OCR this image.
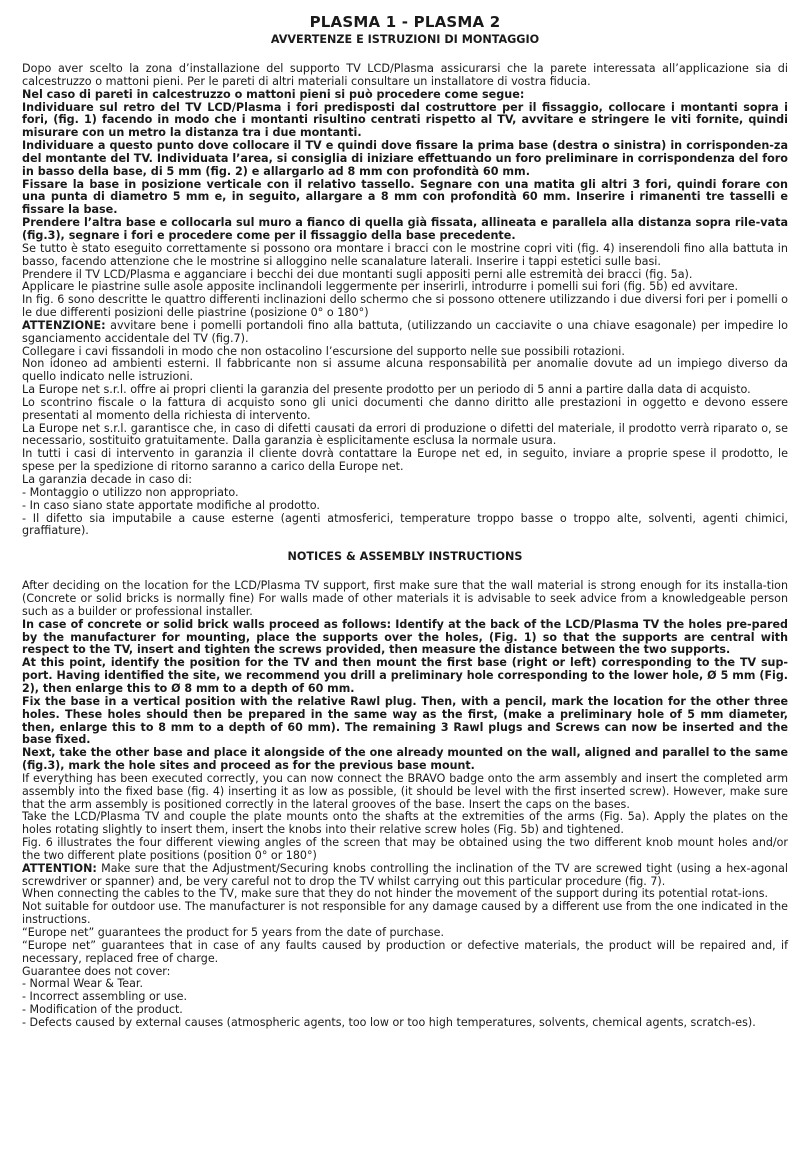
PLASMA 1 - PLASMA 2
AVVERTENZE E ISTRUZIONI DI MONTAGGIO

Dopo aver scelto la zona d’installazione del supporto TV LCD/Plasma assicurarsi che la parete interessata all’applicazione sia di calcestruzzo o mattoni pieni. Per le pareti di altri materiali consultare un installatore di vostra fiducia.

Nel caso di pareti in calcestruzzo o mattoni pieni si può procedere come segue:

Individuare sul retro del TV LCD/Plasma i fori predisposti dal costruttore per il fissaggio, collocare i montanti sopra i fori, (fig. 1) facendo in modo che i montanti risultino centrati rispetto al TV, avvitare e stringere le viti fornite, quindi misurare con un metro la distanza tra i due montanti.

Individuare a questo punto dove collocare il TV e quindi dove fissare la prima base (destra o sinistra) in corrisponden-za del montante del TV. Individuata l’area, si consiglia di iniziare effettuando un foro preliminare in corrispondenza del foro in basso della base, di 5 mm (fig. 2) e allargarlo ad 8 mm con profondità 60 mm.

Fissare la base in posizione verticale con il relativo tassello. Segnare con una matita gli altri 3 fori, quindi forare con una punta di diametro 5 mm e, in seguito, allargare a 8 mm con profondità 60 mm. Inserire i rimanenti tre tasselli e fissare la base.

Prendere l’altra base e collocarla sul muro a fianco di quella già fissata, allineata e parallela alla distanza sopra rile-vata (fig.3), segnare i fori e procedere come per il fissaggio della base precedente.

Se tutto è stato eseguito correttamente si possono ora montare i bracci con le mostrine copri viti (fig. 4) inserendoli fino alla battuta in basso, facendo attenzione che le mostrine si alloggino nelle scanalature laterali. Inserire i tappi estetici sulle basi.

Prendere il TV LCD/Plasma e agganciare i becchi dei due montanti sugli appositi perni alle estremità dei bracci (fig. 5a).

Applicare le piastrine sulle asole apposite inclinandoli leggermente per inserirli, introdurre i pomelli sui fori (fig. 5b) ed avvitare.

In fig. 6 sono descritte le quattro differenti inclinazioni dello schermo che si possono ottenere utilizzando i due diversi fori per i pomelli o le due differenti posizioni delle piastrine (posizione 0° o 180°)

ATTENZIONE: avvitare bene i pomelli portandoli fino alla battuta, (utilizzando un cacciavite o una chiave esagonale) per impedire lo sganciamento accidentale del TV (fig.7).

Collegare i cavi fissandoli in modo che non ostacolino l’escursione del supporto nelle sue possibili rotazioni.

Non idoneo ad ambienti esterni. Il fabbricante non si assume alcuna responsabilità per anomalie dovute ad un impiego diverso da quello indicato nelle istruzioni.

La Europe net s.r.l. offre ai propri clienti la garanzia del presente prodotto per un periodo di 5 anni a partire dalla data di acquisto.

Lo scontrino fiscale o la fattura di acquisto sono gli unici documenti che danno diritto alle prestazioni in oggetto e devono essere presentati al momento della richiesta di intervento.

La Europe net s.r.l. garantisce che, in caso di difetti causati da errori di produzione o difetti del materiale, il prodotto verrà riparato o, se necessario, sostituito gratuitamente. Dalla garanzia è esplicitamente esclusa la normale usura.

In tutti i casi di intervento in garanzia il cliente dovrà contattare la Europe net ed, in seguito, inviare a proprie spese il prodotto, le spese per la spedizione di ritorno saranno a carico della Europe net.

La garanzia decade in caso di:

- Montaggio o utilizzo non appropriato.

- In caso siano state apportate modifiche al prodotto.

- Il difetto sia imputabile a cause esterne (agenti atmosferici, temperature troppo basse o troppo alte, solventi, agenti chimici, graffiature).

NOTICES & ASSEMBLY INSTRUCTIONS

After deciding on the location for the LCD/Plasma TV support, first make sure that the wall material is strong enough for its installa-tion (Concrete or solid bricks is normally fine) For walls made of other materials it is advisable to seek advice from a knowledgeable person such as a builder or professional installer.

In case of concrete or solid brick walls proceed as follows: Identify at the back of the LCD/Plasma TV the holes pre-pared by the manufacturer for mounting, place the supports over the holes, (Fig. 1) so that the supports are central with respect to the TV, insert and tighten the screws provided, then measure the distance between the two supports.

At this point, identify the position for the TV and then mount the first base (right or left) corresponding to the TV sup-port. Having identified the site, we recommend you drill a preliminary hole corresponding to the lower hole, Ø 5 mm (Fig. 2), then enlarge this to Ø 8 mm to a depth of 60 mm.

Fix the base in a vertical position with the relative Rawl plug. Then, with a pencil, mark the location for the other three holes. These holes should then be prepared in the same way as the first, (make a preliminary hole of 5 mm diameter, then, enlarge this to 8 mm to a depth of 60 mm). The remaining 3 Rawl plugs and Screws can now be inserted and the base fixed.

Next, take the other base and place it alongside of the one already mounted on the wall, aligned and parallel to the same (fig.3), mark the hole sites and proceed as for the previous base mount.

If everything has been executed correctly, you can now connect the BRAVO badge onto the arm assembly and insert the completed arm assembly into the fixed base (fig. 4) inserting it as low as possible, (it should be level with the first inserted screw). However, make sure that the arm assembly is positioned correctly in the lateral grooves of the base. Insert the caps on the bases.

Take the LCD/Plasma TV and couple the plate mounts onto the shafts at the extremities of the arms (Fig. 5a). Apply the plates on the holes rotating slightly to insert them, insert the knobs into their relative screw holes (Fig. 5b) and tightened.

Fig. 6 illustrates the four different viewing angles of the screen that may be obtained using the two different knob mount holes and/or the two different plate positions (position 0° or 180°)

ATTENTION: Make sure that the Adjustment/Securing knobs controlling the inclination of the TV are screwed tight (using a hex-agonal screwdriver or spanner) and, be very careful not to drop the TV whilst carrying out this particular procedure (fig. 7).

When connecting the cables to the TV, make sure that they do not hinder the movement of the support during its potential rotat-ions.

Not suitable for outdoor use. The manufacturer is not responsible for any damage caused by a different use from the one indicated in the instructions.

“Europe net” guarantees the product for 5 years from the date of purchase.

“Europe net” guarantees that in case of any faults caused by production or defective materials, the product will be repaired and, if necessary, replaced free of charge.

Guarantee does not cover:

- Normal Wear & Tear.

- Incorrect assembling or use.

- Modification of the product.

- Defects caused by external causes (atmospheric agents, too low or too high temperatures, solvents, chemical agents, scratch-es).
